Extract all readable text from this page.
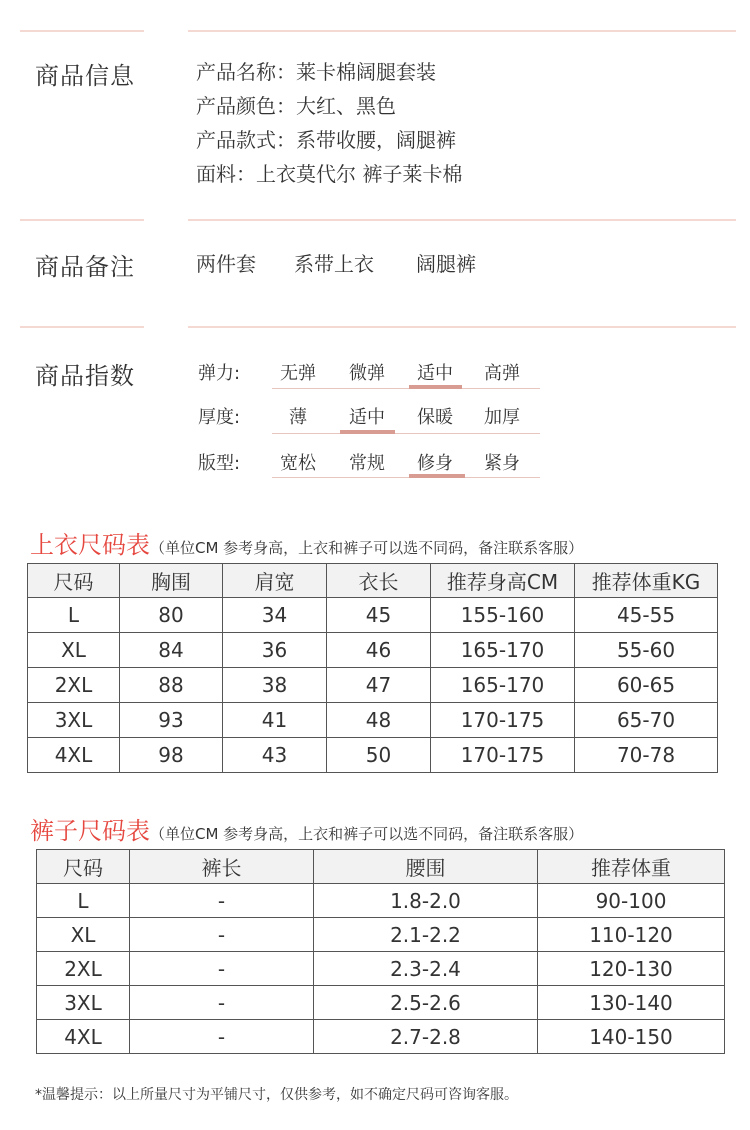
商品信息	产品名称：莱卡棉阔腿套装
产品颜色：大红、黑色
产品款式：系带收腰，阔腿裤
面料：上衣莫代尔 裤子莱卡棉
商品备注	两件套 系带上衣 阔腿裤
商品指数	弹力:	无弹	微弹	适中	高弹
厚度:	薄	适中	保暖	加厚
版型:	宽松	常规	修身	紧身
上衣尺码表（单位CM 参考身高，上衣和裤子可以选不同码，备注联系客服）
尺码	胸围	肩宽	衣长	推荐身高CM	推荐体重KG
L	80	34	45	155-160	45-55
XL	84	36	46	165-170	55-60
2XL	88	38	47	165-170	60-65
3XL	93	41	48	170-175	65-70
4XL	98	43	50	170-175	70-78
裤子尺码表（单位CM 参考身高，上衣和裤子可以选不同码，备注联系客服）
尺码	裤长	腰围	推荐体重
L	-	1.8-2.0	90-100
XL	-	2.1-2.2	110-120
2XL	-	2.3-2.4	120-130
3XL	-	2.5-2.6	130-140
4XL	-	2.7-2.8	140-150
*温馨提示：以上所量尺寸为平铺尺寸，仅供参考，如不确定尺码可咨询客服。
